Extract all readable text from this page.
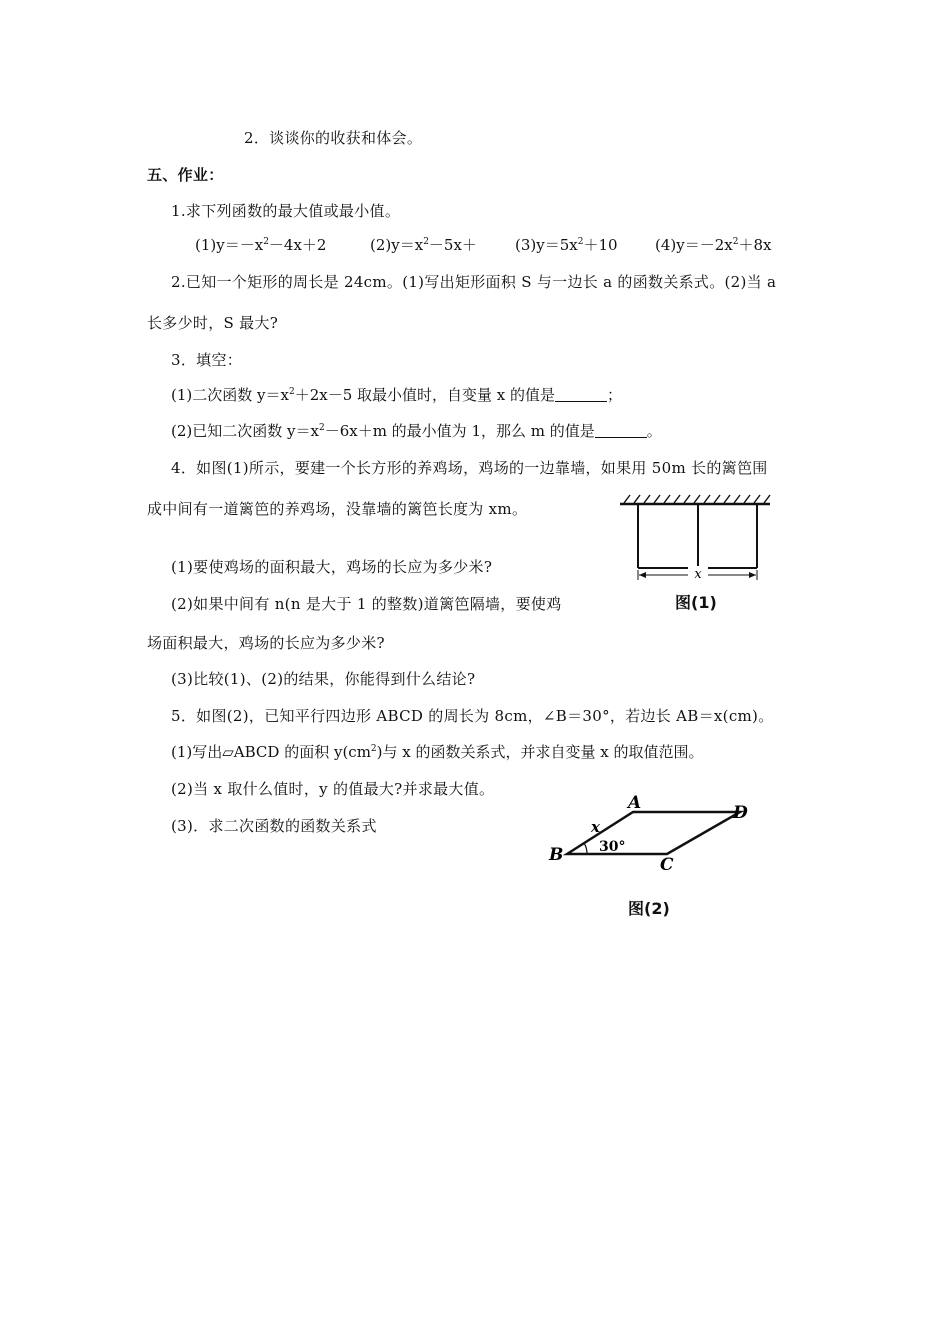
2．谈谈你的收获和体会。
五、作业：
1.求下列函数的最大值或最小值。
$(1)y=-x^2-4x+2$	$(2)y=x^2-5x+$	$(3)y=5x^2+10$ $(4)y=-2x^2+8x$
2.已知一个矩形的周长是 24cm。(1)写出矩形面积 S 与一边长 a 的函数关系式。(2)当 a
长多少时，S 最大?
3．填空：
(1)二次函数 $y=x^2+2x-5$ 取最小值时，自变量 x 的值是	；
(2)已知二次函数 $y=x^2-6x+m$ 的最小值为 1，那么 m 的值是	。
4．如图(1)所示，要建一个长方形的养鸡场，鸡场的一边靠墙，如果用 50m 长的篱笆围
成中间有一道篱笆的养鸡场，没靠墙的篱笆长度为 xm。
x
图(1)
(1)要使鸡场的面积最大，鸡场的长应为多少米?
(2)如果中间有 n(n 是大于 1 的整数)道篱笆隔墙，要使鸡
场面积最大，鸡场的长应为多少米?
(3)比较(1)、(2)的结果，你能得到什么结论?
5．如图(2)，已知平行四边形 ABCD 的周长为 8cm，∠B＝30°，若边长 AB＝x(cm)。
(1)写出▱ABCD 的面积 $y(cm^2)$与 x 的函数关系式，并求自变量 x 的取值范围。
(2)当 x 取什么值时，y 的值最大?并求最大值。
(3)．求二次函数的函数关系式
A	D
B	C
x
30°
图(2)
